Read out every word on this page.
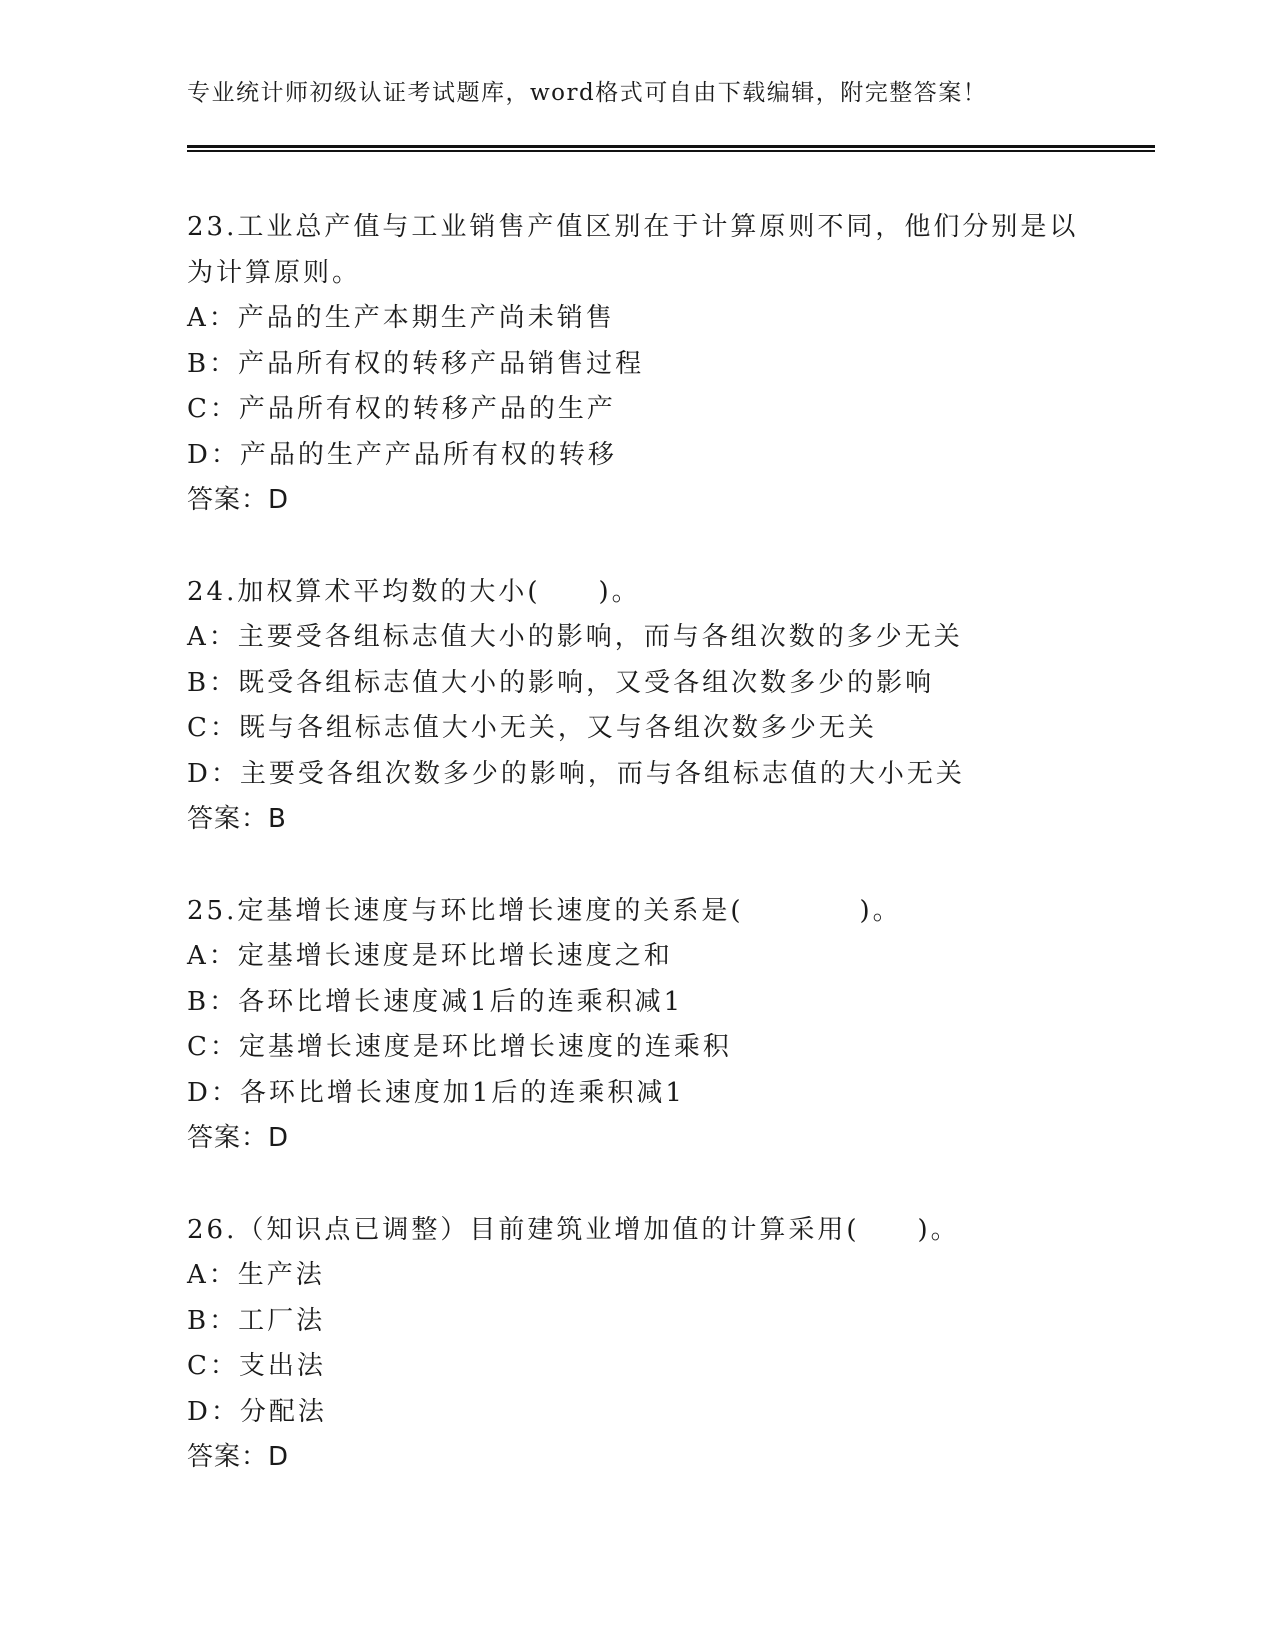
专业统计师初级认证考试题库，word格式可自由下载编辑，附完整答案！
23.工业总产值与工业销售产值区别在于计算原则不同，他们分别是以
为计算原则。
A：产品的生产本期生产尚未销售
B：产品所有权的转移产品销售过程
C：产品所有权的转移产品的生产
D：产品的生产产品所有权的转移
答案：D
24.加权算术平均数的大小(　　)。
A：主要受各组标志值大小的影响，而与各组次数的多少无关
B：既受各组标志值大小的影响，又受各组次数多少的影响
C：既与各组标志值大小无关，又与各组次数多少无关
D：主要受各组次数多少的影响，而与各组标志值的大小无关
答案：B
25.定基增长速度与环比增长速度的关系是(　　　　)。
A：定基增长速度是环比增长速度之和
B：各环比增长速度减1后的连乘积减1
C：定基增长速度是环比增长速度的连乘积
D：各环比增长速度加1后的连乘积减1
答案：D
26.（知识点已调整）目前建筑业增加值的计算采用(　　)。
A：生产法
B：工厂法
C：支出法
D：分配法
答案：D
